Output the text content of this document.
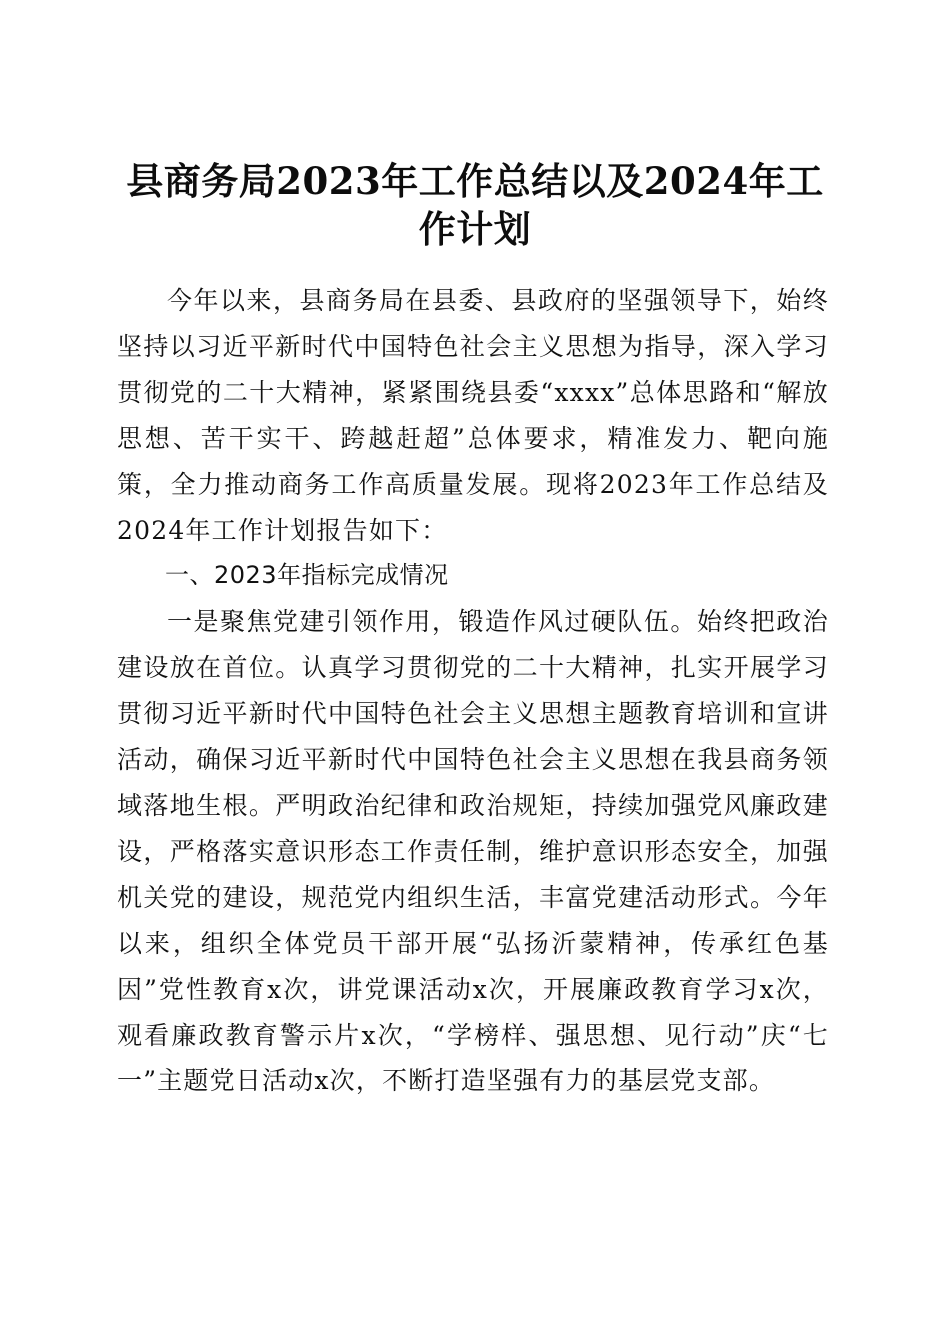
县商务局2023年工作总结以及2024年工作计划

今年以来，县商务局在县委、县政府的坚强领导下，始终坚持以习近平新时代中国特色社会主义思想为指导，深入学习贯彻党的二十大精神，紧紧围绕县委“xxxx”总体思路和“解放思想、苦干实干、跨越赶超”总体要求，精准发力、靶向施策，全力推动商务工作高质量发展。现将2023年工作总结及2024年工作计划报告如下：

一、2023年指标完成情况

一是聚焦党建引领作用，锻造作风过硬队伍。始终把政治建设放在首位。认真学习贯彻党的二十大精神，扎实开展学习贯彻习近平新时代中国特色社会主义思想主题教育培训和宣讲活动，确保习近平新时代中国特色社会主义思想在我县商务领域落地生根。严明政治纪律和政治规矩，持续加强党风廉政建设，严格落实意识形态工作责任制，维护意识形态安全，加强机关党的建设，规范党内组织生活，丰富党建活动形式。今年以来，组织全体党员干部开展“弘扬沂蒙精神，传承红色基因”党性教育x次，讲党课活动x次，开展廉政教育学习x次，观看廉政教育警示片x次，“学榜样、强思想、见行动”庆“七一”主题党日活动x次，不断打造坚强有力的基层党支部。
